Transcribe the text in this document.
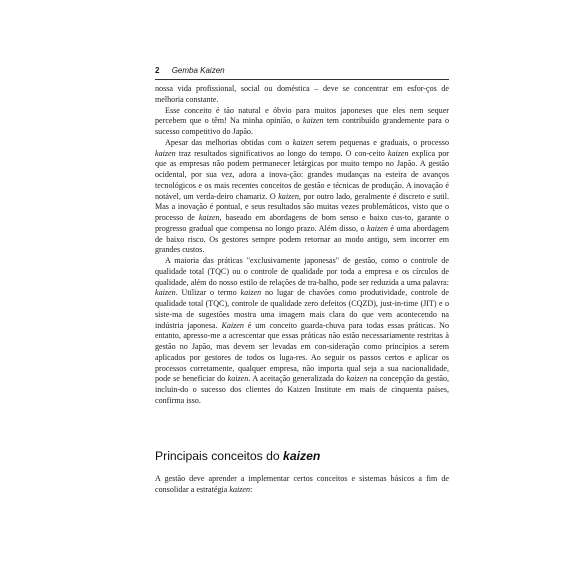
2 Gemba Kaizen

nossa vida profissional, social ou doméstica – deve se concentrar em esfor-ços de melhoria constante.

Esse conceito é tão natural e óbvio para muitos japoneses que eles nem sequer percebem que o têm! Na minha opinião, o kaizen tem contribuído grandemente para o sucesso competitivo do Japão.

Apesar das melhorias obtidas com o kaizen serem pequenas e graduais, o processo kaizen traz resultados significativos ao longo do tempo. O con-ceito kaizen explica por que as empresas não podem permanecer letárgicas por muito tempo no Japão. A gestão ocidental, por sua vez, adora a inova-ção: grandes mudanças na esteira de avanços tecnológicos e os mais recentes conceitos de gestão e técnicas de produção. A inovação é notável, um verda-deiro chamariz. O kaizen, por outro lado, geralmente é discreto e sutil. Mas a inovação é pontual, e seus resultados são muitas vezes problemáticos, visto que o processo de kaizen, baseado em abordagens de bom senso e baixo cus-to, garante o progresso gradual que compensa no longo prazo. Além disso, o kaizen é uma abordagem de baixo risco. Os gestores sempre podem retornar ao modo antigo, sem incorrer em grandes custos.

A maioria das práticas "exclusivamente japonesas" de gestão, como o controle de qualidade total (TQC) ou o controle de qualidade por toda a empresa e os círculos de qualidade, além do nosso estilo de relações de tra-balho, pode ser reduzida a uma palavra: kaizen. Utilizar o termo kaizen no lugar de chavões como produtividade, controle de qualidade total (TQC), controle de qualidade zero defeitos (CQZD), just-in-time (JIT) e o siste-ma de sugestões mostra uma imagem mais clara do que vem acontecendo na indústria japonesa. Kaizen é um conceito guarda-chuva para todas essas práticas. No entanto, apresso-me a acrescentar que essas práticas não estão necessariamente restritas à gestão no Japão, mas devem ser levadas em con-sideração como princípios a serem aplicados por gestores de todos os luga-res. Ao seguir os passos certos e aplicar os processos corretamente, qualquer empresa, não importa qual seja a sua nacionalidade, pode se beneficiar do kaizen. A aceitação generalizada do kaizen na concepção da gestão, incluin-do o sucesso dos clientes do Kaizen Institute em mais de cinquenta países, confirma isso.

Principais conceitos do kaizen

A gestão deve aprender a implementar certos conceitos e sistemas básicos a fim de consolidar a estratégia kaizen:
